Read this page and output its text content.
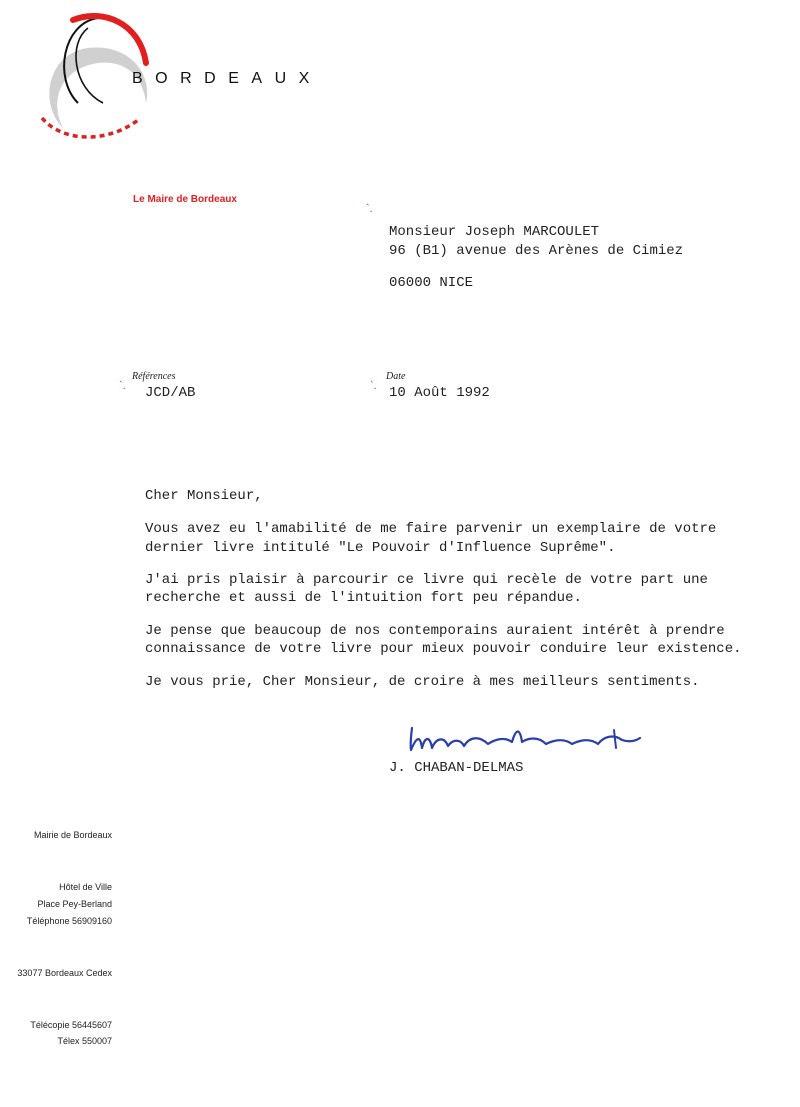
BORDEAUX
Le Maire de Bordeaux
`.
Monsieur Joseph MARCOULET
96 (B1) avenue des Arènes de Cimiez
06000 NICE
Références
`. JCD/AB
Date
`. 10 Août 1992

Cher Monsieur,

Vous avez eu l'amabilité de me faire parvenir un exemplaire de votre

dernier livre intitulé "Le Pouvoir d'Influence Suprême".

J'ai pris plaisir à parcourir ce livre qui recèle de votre part une

recherche et aussi de l'intuition fort peu répandue.

Je pense que beaucoup de nos contemporains auraient intérêt à prendre

connaissance de votre livre pour mieux pouvoir conduire leur existence.

Je vous prie, Cher Monsieur, de croire à mes meilleurs sentiments.

J. CHABAN-DELMAS
Mairie de Bordeaux
Hôtel de Ville
Place Pey-Berland
Téléphone 56909160
33077 Bordeaux Cedex
Télécopie 56445607
Télex 550007
